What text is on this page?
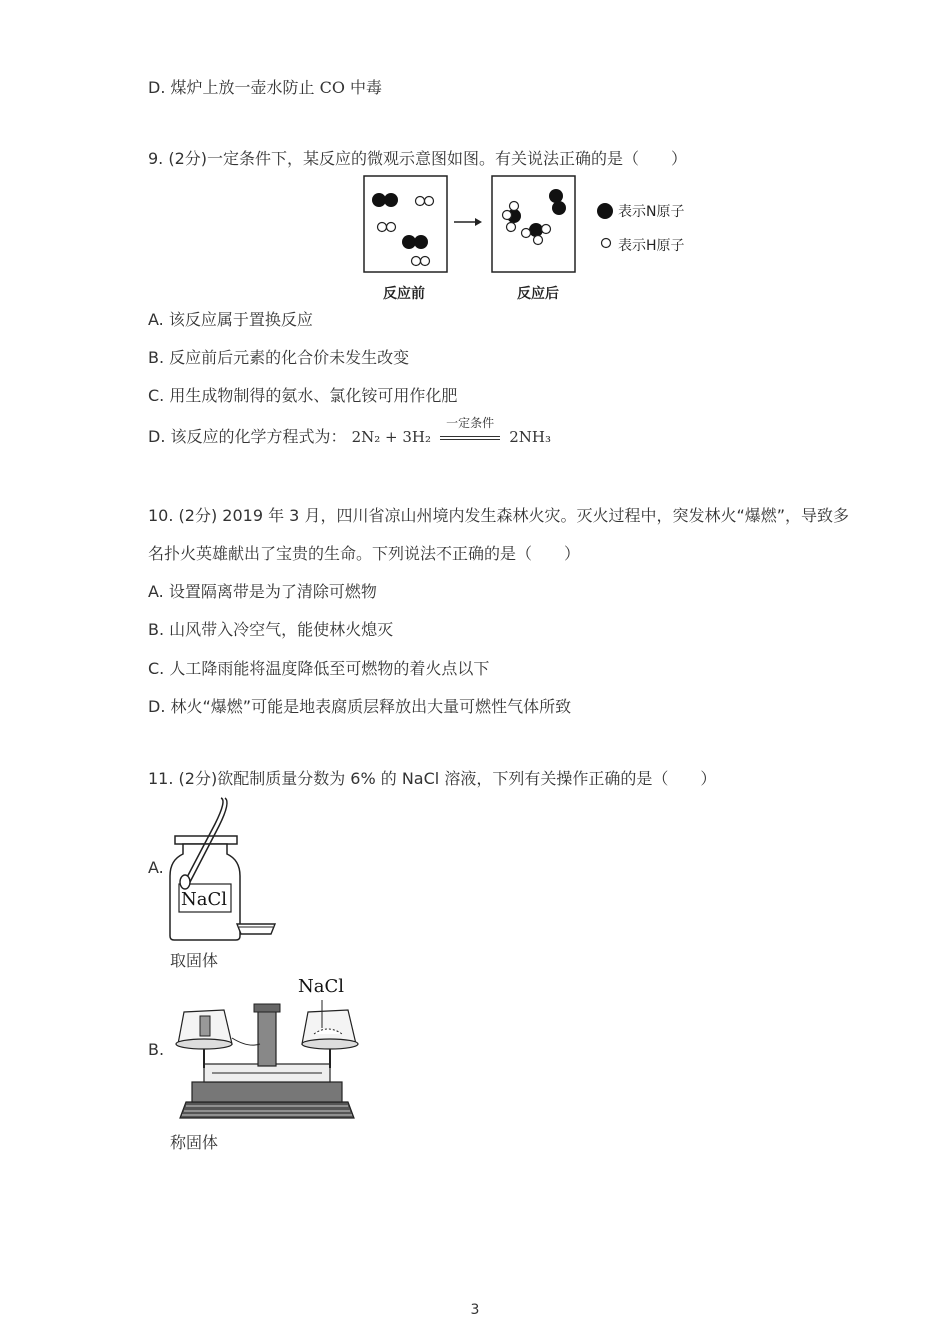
D. 煤炉上放一壶水防止 CO 中毒
9. (2分)一定条件下，某反应的微观示意图如图。有关说法正确的是（　　）
表示N原子
表示H原子
反应前	反应后
A. 该反应属于置换反应
B. 反应前后元素的化合价未发生改变
C. 用生成物制得的氨水、氯化铵可用作化肥
D. 该反应的化学方程式为： 2N₂ + 3H₂
一定条件
2NH₃
10. (2分) 2019 年 3 月，四川省凉山州境内发生森林火灾。灭火过程中，突发林火“爆燃”，导致多
名扑火英雄献出了宝贵的生命。下列说法不正确的是（　　）
A. 设置隔离带是为了清除可燃物
B. 山风带入冷空气，能使林火熄灭
C. 人工降雨能将温度降低至可燃物的着火点以下
D. 林火“爆燃”可能是地表腐质层释放出大量可燃性气体所致
11. (2分)欲配制质量分数为 6% 的 NaCl 溶液，下列有关操作正确的是（　　）
A.
NaCl
取固体
B.
NaCl
称固体
3
